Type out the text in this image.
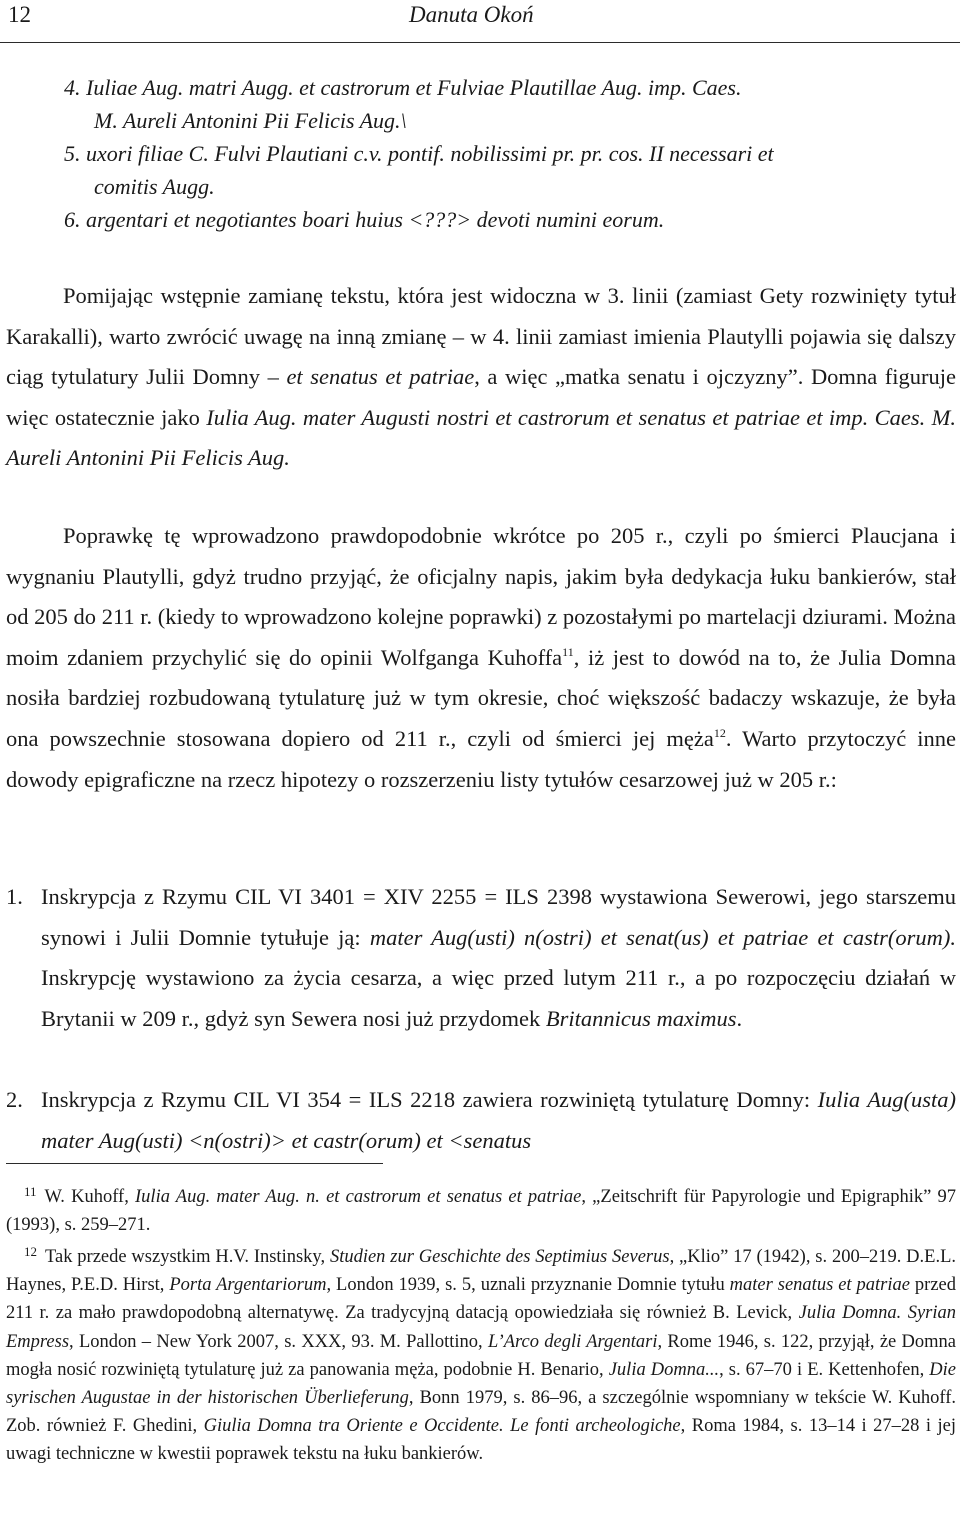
12	Danuta Okoń

4. Iuliae Aug. matri Augg. et castrorum et Fulviae Plautillae Aug. imp. Caes.

M. Aureli Antonini Pii Felicis Aug.\

5. uxori filiae C. Fulvi Plautiani c.v. pontif. nobilissimi pr. pr. cos. II necessari et

comitis Augg.

6. argentari et negotiantes boari huius <???> devoti numini eorum.

Pomijając wstępnie zamianę tekstu, która jest widoczna w 3. linii (zamiast Gety rozwinięty tytuł Karakalli), warto zwrócić uwagę na inną zmianę – w 4. linii zamiast imienia Plautylli pojawia się dalszy ciąg tytulatury Julii Domny – et senatus et patriae, a więc „matka senatu i ojczyzny”. Domna figuruje więc ostatecznie jako Iulia Aug. mater Augusti nostri et castrorum et senatus et patriae et imp. Caes. M. Aureli Antonini Pii Felicis Aug.

Poprawkę tę wprowadzono prawdopodobnie wkrótce po 205 r., czyli po śmierci Plaucjana i wygnaniu Plautylli, gdyż trudno przyjąć, że oficjalny napis, jakim była dedykacja łuku bankierów, stał od 205 do 211 r. (kiedy to wprowadzono kolejne poprawki) z pozostałymi po martelacji dziurami. Można moim zdaniem przychylić się do opinii Wolfganga Kuhoffa$^{11}$, iż jest to dowód na to, że Julia Domna nosiła bardziej rozbudowaną tytulaturę już w tym okresie, choć większość badaczy wskazuje, że była ona powszechnie stosowana dopiero od 211 r., czyli od śmierci jej męża$^{12}$. Warto przytoczyć inne dowody epigraficzne na rzecz hipotezy o rozszerzeniu listy tytułów cesarzowej już w 205 r.:

1. Inskrypcja z Rzymu CIL VI 3401 = XIV 2255 = ILS 2398 wystawiona Sewerowi, jego starszemu synowi i Julii Domnie tytułuje ją: mater Aug(usti) n(ostri) et senat(us) et patriae et castr(orum). Inskrypcję wystawiono za życia cesarza, a więc przed lutym 211 r., a po rozpoczęciu działań w Brytanii w 209 r., gdyż syn Sewera nosi już przydomek Britannicus maximus.
2. Inskrypcja z Rzymu CIL VI 354 = ILS 2218 zawiera rozwiniętą tytulaturę Domny: Iulia Aug(usta) mater Aug(usti) <n(ostri)> et castr(orum) et <senatus

$^{11}$ W. Kuhoff, Iulia Aug. mater Aug. n. et castrorum et senatus et patriae, „Zeitschrift für Papyrologie und Epigraphik” 97 (1993), s. 259–271.

$^{12}$ Tak przede wszystkim H.V. Instinsky, Studien zur Geschichte des Septimius Severus, „Klio” 17 (1942), s. 200–219. D.E.L. Haynes, P.E.D. Hirst, Porta Argentariorum, London 1939, s. 5, uznali przyznanie Domnie tytułu mater senatus et patriae przed 211 r. za mało prawdopodobną alternatywę. Za tradycyjną datacją opowiedziała się również B. Levick, Julia Domna. Syrian Empress, London – New York 2007, s. XXX, 93. M. Pallottino, L’Arco degli Argentari, Rome 1946, s. 122, przyjął, że Domna mogła nosić rozwiniętą tytulaturę już za panowania męża, podobnie H. Benario, Julia Domna..., s. 67–70 i E. Kettenhofen, Die syrischen Augustae in der historischen Überlieferung, Bonn 1979, s. 86–96, a szczególnie wspomniany w tekście W. Kuhoff. Zob. również F. Ghedini, Giulia Domna tra Oriente e Occidente. Le fonti archeologiche, Roma 1984, s. 13–14 i 27–28 i jej uwagi techniczne w kwestii poprawek tekstu na łuku bankierów.
